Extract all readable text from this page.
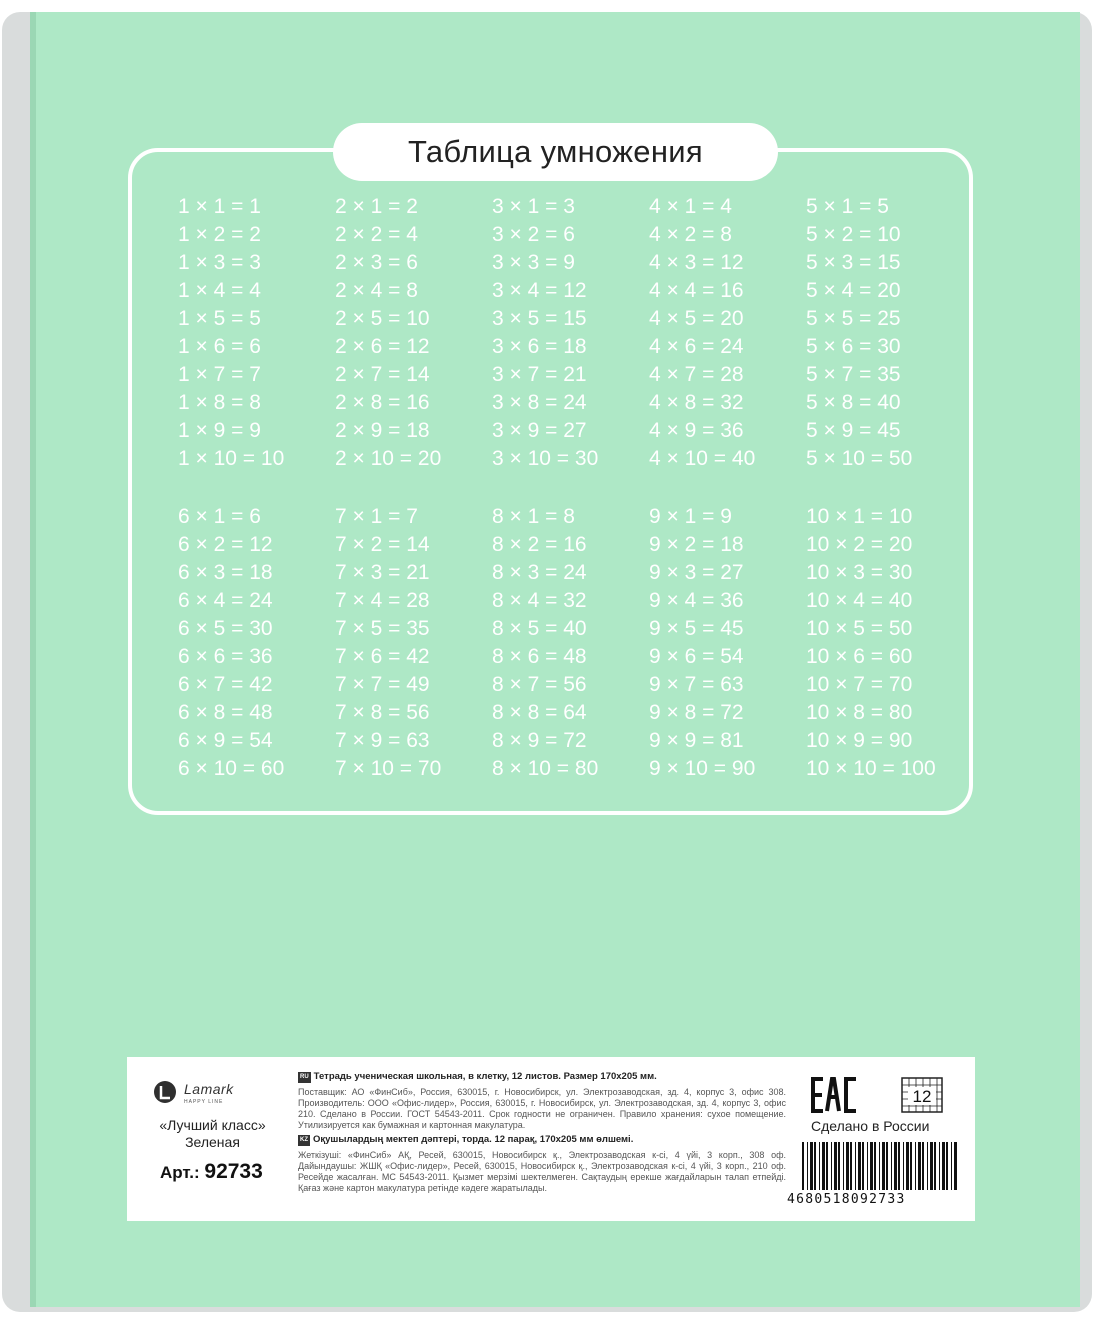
Таблица умножения
1 × 1 = 1
1 × 2 = 2
1 × 3 = 3
1 × 4 = 4
1 × 5 = 5
1 × 6 = 6
1 × 7 = 7
1 × 8 = 8
1 × 9 = 9
1 × 10 = 10
2 × 1 = 2
2 × 2 = 4
2 × 3 = 6
2 × 4 = 8
2 × 5 = 10
2 × 6 = 12
2 × 7 = 14
2 × 8 = 16
2 × 9 = 18
2 × 10 = 20
3 × 1 = 3
3 × 2 = 6
3 × 3 = 9
3 × 4 = 12
3 × 5 = 15
3 × 6 = 18
3 × 7 = 21
3 × 8 = 24
3 × 9 = 27
3 × 10 = 30
4 × 1 = 4
4 × 2 = 8
4 × 3 = 12
4 × 4 = 16
4 × 5 = 20
4 × 6 = 24
4 × 7 = 28
4 × 8 = 32
4 × 9 = 36
4 × 10 = 40
5 × 1 = 5
5 × 2 = 10
5 × 3 = 15
5 × 4 = 20
5 × 5 = 25
5 × 6 = 30
5 × 7 = 35
5 × 8 = 40
5 × 9 = 45
5 × 10 = 50
6 × 1 = 6
6 × 2 = 12
6 × 3 = 18
6 × 4 = 24
6 × 5 = 30
6 × 6 = 36
6 × 7 = 42
6 × 8 = 48
6 × 9 = 54
6 × 10 = 60
7 × 1 = 7
7 × 2 = 14
7 × 3 = 21
7 × 4 = 28
7 × 5 = 35
7 × 6 = 42
7 × 7 = 49
7 × 8 = 56
7 × 9 = 63
7 × 10 = 70
8 × 1 = 8
8 × 2 = 16
8 × 3 = 24
8 × 4 = 32
8 × 5 = 40
8 × 6 = 48
8 × 7 = 56
8 × 8 = 64
8 × 9 = 72
8 × 10 = 80
9 × 1 = 9
9 × 2 = 18
9 × 3 = 27
9 × 4 = 36
9 × 5 = 45
9 × 6 = 54
9 × 7 = 63
9 × 8 = 72
9 × 9 = 81
9 × 10 = 90
10 × 1 = 10
10 × 2 = 20
10 × 3 = 30
10 × 4 = 40
10 × 5 = 50
10 × 6 = 60
10 × 7 = 70
10 × 8 = 80
10 × 9 = 90
10 × 10 = 100
Lamark
HAPPY LINE
«Лучший класс»
Зеленая
Арт.: 92733
RU Тетрадь ученическая школьная, в клетку, 12 листов. Размер 170x205 мм.
Поставщик: АО «ФинСиб», Россия, 630015, г. Новосибирск, ул. Электрозаводская, зд. 4, корпус 3, офис 308. Производитель: ООО «Офис-лидер», Россия, 630015, г. Новосибирск, ул. Электрозаводская, зд. 4, корпус 3, офис 210. Сделано в России. ГОСТ 54543-2011. Срок годности не ограничен. Правило хранения: сухое помещение. Утилизируется как бумажная и картонная макулатура.
KZ Оқушылардың мектеп дәптері, торда. 12 парақ, 170x205 мм өлшемі.
Жеткізуші: «ФинСиб» АҚ, Ресей, 630015, Новосибирск қ., Электрозаводская к-сі, 4 үйі, 3 корп., 308 оф. Дайындаушы: ЖШҚ «Офис-лидер», Ресей, 630015, Новосибирск қ., Электрозаводская к-сі, 4 үйі, 3 корп., 210 оф. Ресейде жасалған. МС 54543-2011. Қызмет мерзімі шектелмеген. Сақтаудың ерекше жағдайларын талап етпейді. Қағаз және картон макулатура ретінде кәдеге жаратылады.
12
Сделано в России
4680518092733
